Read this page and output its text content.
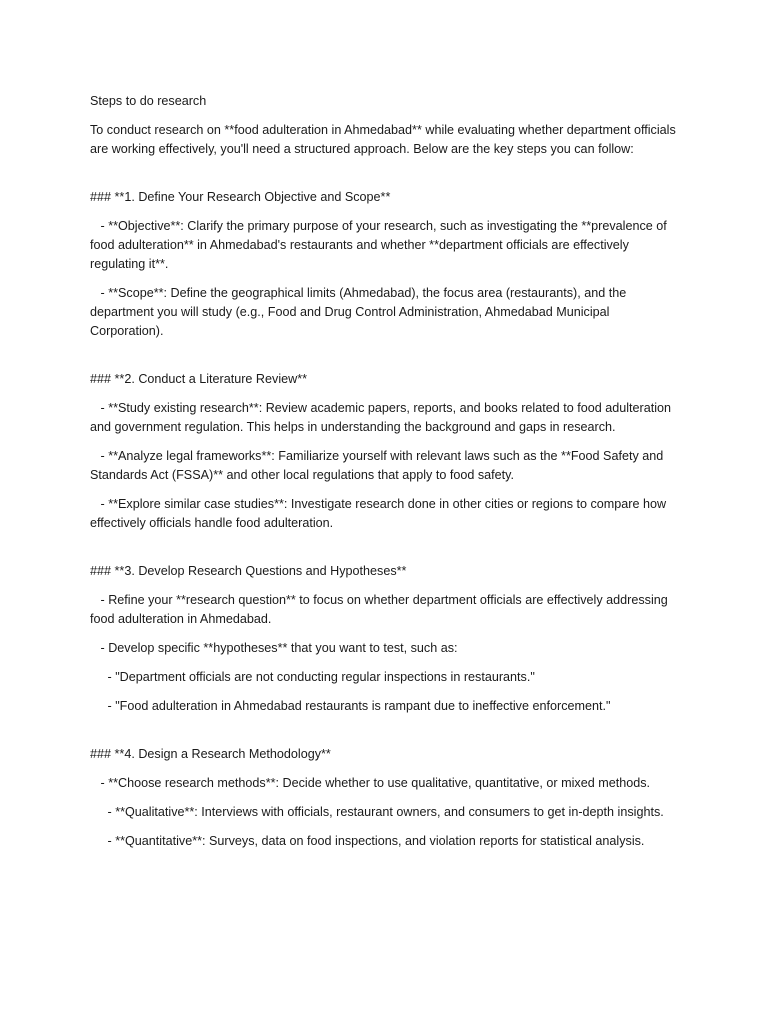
Steps to do research

To conduct research on **food adulteration in Ahmedabad** while evaluating whether department officials are working effectively, you'll need a structured approach. Below are the key steps you can follow:

### **1. Define Your Research Objective and Scope**

- **Objective**: Clarify the primary purpose of your research, such as investigating the **prevalence of food adulteration** in Ahmedabad's restaurants and whether **department officials are effectively regulating it**.

- **Scope**: Define the geographical limits (Ahmedabad), the focus area (restaurants), and the department you will study (e.g., Food and Drug Control Administration, Ahmedabad Municipal Corporation).

### **2. Conduct a Literature Review**

- **Study existing research**: Review academic papers, reports, and books related to food adulteration and government regulation. This helps in understanding the background and gaps in research.

- **Analyze legal frameworks**: Familiarize yourself with relevant laws such as the **Food Safety and Standards Act (FSSA)** and other local regulations that apply to food safety.

- **Explore similar case studies**: Investigate research done in other cities or regions to compare how effectively officials handle food adulteration.

### **3. Develop Research Questions and Hypotheses**

- Refine your **research question** to focus on whether department officials are effectively addressing food adulteration in Ahmedabad.

- Develop specific **hypotheses** that you want to test, such as:

- "Department officials are not conducting regular inspections in restaurants."

- "Food adulteration in Ahmedabad restaurants is rampant due to ineffective enforcement."

### **4. Design a Research Methodology**

- **Choose research methods**: Decide whether to use qualitative, quantitative, or mixed methods.

- **Qualitative**: Interviews with officials, restaurant owners, and consumers to get in-depth insights.

- **Quantitative**: Surveys, data on food inspections, and violation reports for statistical analysis.
